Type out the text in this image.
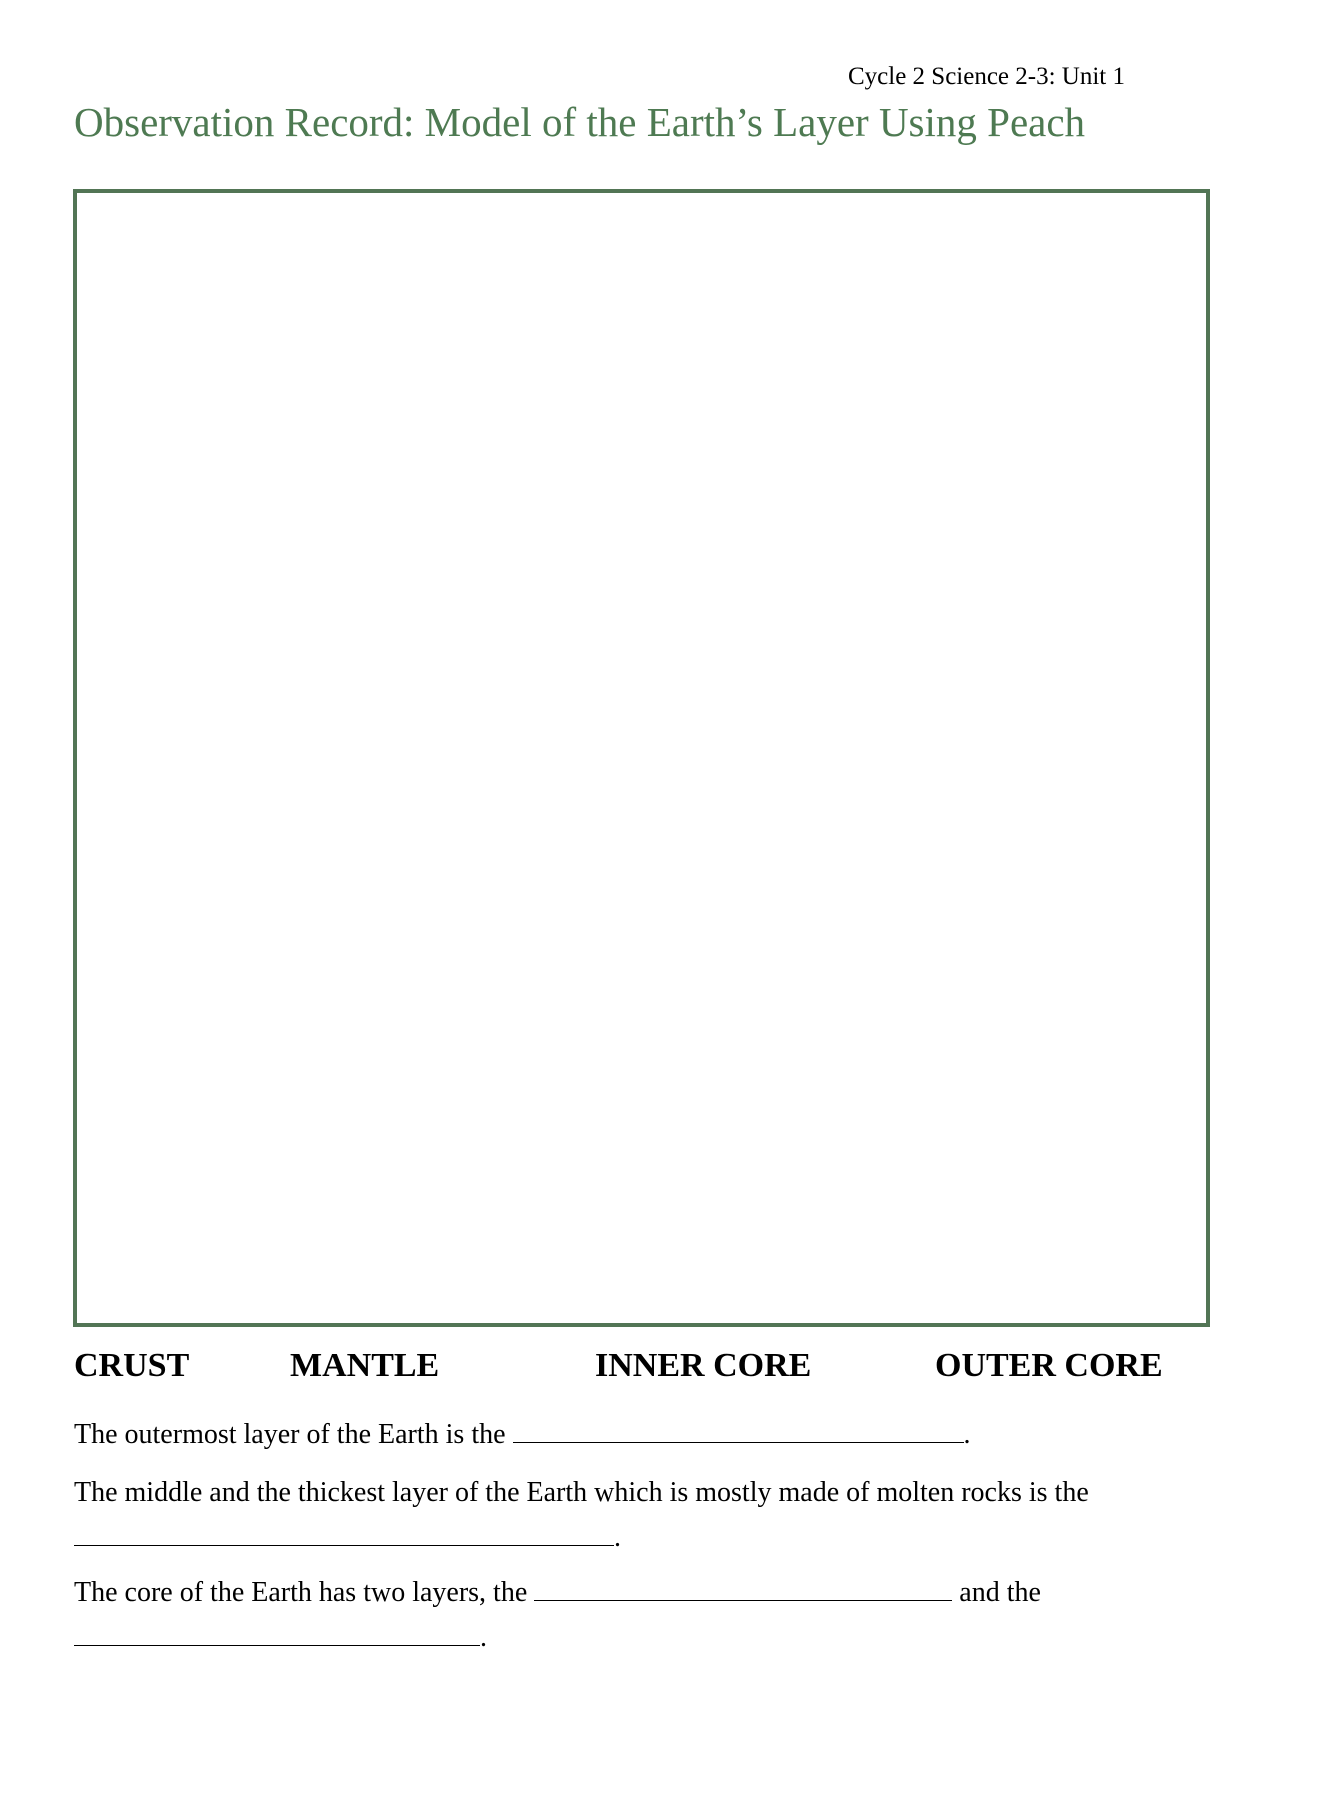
Cycle 2 Science 2-3: Unit 1
Observation Record: Model of the Earth’s Layer Using Peach
CRUST	MANTLE	INNER CORE	OUTER CORE
The outermost layer of the Earth is the	.
The middle and the thickest layer of the Earth which is mostly made of molten rocks is the
.
The core of the Earth has two layers, the	and the
.
